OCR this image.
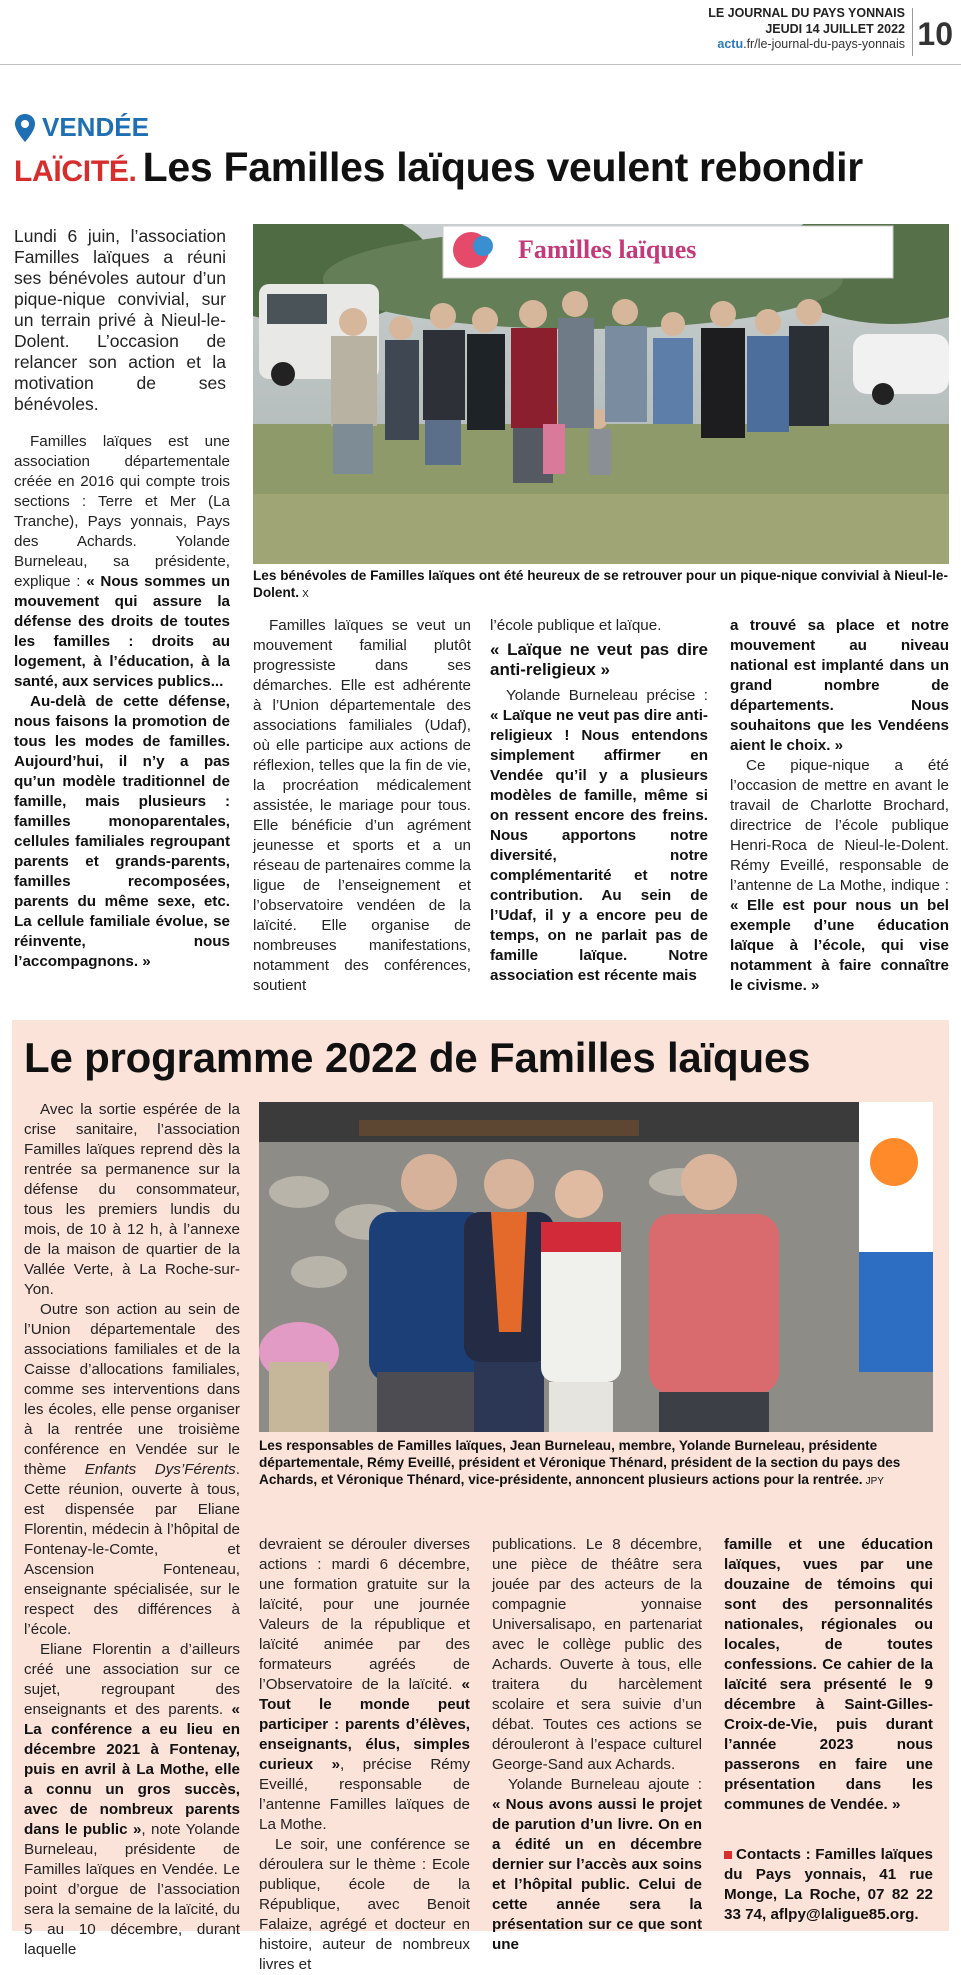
LE JOURNAL DU PAYS YONNAIS
JEUDI 14 JUILLET 2022
actu.fr/le-journal-du-pays-yonnais 10
VENDÉE
LAÏCITÉ. Les Familles laïques veulent rebondir
Lundi 6 juin, l’association Familles laïques a réuni ses bénévoles autour d’un pique-nique convivial, sur un terrain privé à Nieul-le-Dolent. L’occasion de relancer son action et la motivation de ses bénévoles.

Familles laïques est une association départementale créée en 2016 qui compte trois sections : Terre et Mer (La Tranche), Pays yonnais, Pays des Achards. Yolande Burneleau, sa présidente, explique : « Nous sommes un mouvement qui assure la défense des droits de toutes les familles : droits au logement, à l’éducation, à la santé, aux services publics...

Au-delà de cette défense, nous faisons la promotion de tous les modes de familles. Aujourd’hui, il n’y a pas qu’un modèle traditionnel de famille, mais plusieurs : familles monoparentales, cellules familiales regroupant parents et grands-parents, familles recomposées, parents du même sexe, etc. La cellule familiale évolue, se réinvente, nous l’accompagnons. »

Familles laïques
Les bénévoles de Familles laïques ont été heureux de se retrouver pour un pique-nique convivial à Nieul-le-Dolent. X

Familles laïques se veut un mouvement familial plutôt progressiste dans ses démarches. Elle est adhérente à l’Union départementale des associations familiales (Udaf), où elle participe aux actions de réflexion, telles que la fin de vie, la procréation médicalement assistée, le mariage pour tous. Elle bénéficie d’un agrément jeunesse et sports et a un réseau de partenaires comme la ligue de l’enseignement et l’observatoire vendéen de la laïcité. Elle organise de nombreuses manifestations, notamment des conférences, soutient

l’école publique et laïque.

« Laïque ne veut pas dire anti-religieux »

Yolande Burneleau précise : « Laïque ne veut pas dire anti-religieux ! Nous entendons simplement affirmer en Vendée qu’il y a plusieurs modèles de famille, même si on ressent encore des freins. Nous apportons notre diversité, notre complémentarité et notre contribution. Au sein de l’Udaf, il y a encore peu de temps, on ne parlait pas de famille laïque. Notre association est récente mais

a trouvé sa place et notre mouvement au niveau national est implanté dans un grand nombre de départements. Nous souhaitons que les Vendéens aient le choix. »

Ce pique-nique a été l’occasion de mettre en avant le travail de Charlotte Brochard, directrice de l’école publique Henri-Roca de Nieul-le-Dolent. Rémy Eveillé, responsable de l’antenne de La Mothe, indique : « Elle est pour nous un bel exemple d’une éducation laïque à l’école, qui vise notamment à faire connaître le civisme. »

Le programme 2022 de Familles laïques

Avec la sortie espérée de la crise sanitaire, l’association Familles laïques reprend dès la rentrée sa permanence sur la défense du consommateur, tous les premiers lundis du mois, de 10 à 12 h, à l’annexe de la maison de quartier de la Vallée Verte, à La Roche-sur-Yon.

Outre son action au sein de l’Union départementale des associations familiales et de la Caisse d’allocations familiales, comme ses interventions dans les écoles, elle pense organiser à la rentrée une troisième conférence en Vendée sur le thème Enfants Dys’Férents. Cette réunion, ouverte à tous, est dispensée par Eliane Florentin, médecin à l’hôpital de Fontenay-le-Comte, et Ascension Fonteneau, enseignante spécialisée, sur le respect des différences à l’école.

Eliane Florentin a d’ailleurs créé une association sur ce sujet, regroupant des enseignants et des parents. « La conférence a eu lieu en décembre 2021 à Fontenay, puis en avril à La Mothe, elle a connu un gros succès, avec de nombreux parents dans le public », note Yolande Burneleau, présidente de Familles laïques en Vendée. Le point d’orgue de l’association sera la semaine de la laïcité, du 5 au 10 décembre, durant laquelle

Les responsables de Familles laïques, Jean Burneleau, membre, Yolande Burneleau, présidente départementale, Rémy Eveillé, président et Véronique Thénard, président de la section du pays des Achards, et Véronique Thénard, vice-présidente, annoncent plusieurs actions pour la rentrée. JPY

devraient se dérouler diverses actions : mardi 6 décembre, une formation gratuite sur la laïcité, pour une journée Valeurs de la république et laïcité animée par des formateurs agréés de l’Observatoire de la laïcité. « Tout le monde peut participer : parents d’élèves, enseignants, élus, simples curieux », précise Rémy Eveillé, responsable de l’antenne Familles laïques de La Mothe.

Le soir, une conférence se déroulera sur le thème : Ecole publique, école de la République, avec Benoit Falaize, agrégé et docteur en histoire, auteur de nombreux livres et

publications. Le 8 décembre, une pièce de théâtre sera jouée par des acteurs de la compagnie yonnaise Universalisapo, en partenariat avec le collège public des Achards. Ouverte à tous, elle traitera du harcèlement scolaire et sera suivie d’un débat. Toutes ces actions se dérouleront à l’espace culturel George-Sand aux Achards.

Yolande Burneleau ajoute : « Nous avons aussi le projet de parution d’un livre. On en a édité un en décembre dernier sur l’accès aux soins et l’hôpital public. Celui de cette année sera la présentation sur ce que sont une

famille et une éducation laïques, vues par une douzaine de témoins qui sont des personnalités nationales, régionales ou locales, de toutes confessions. Ce cahier de la laïcité sera présenté le 9 décembre à Saint-Gilles-Croix-de-Vie, puis durant l’année 2023 nous passerons en faire une présentation dans les communes de Vendée. »

Contacts : Familles laïques du Pays yonnais, 41 rue Monge, La Roche, 07 82 22 33 74, aflpy@laligue85.org.
